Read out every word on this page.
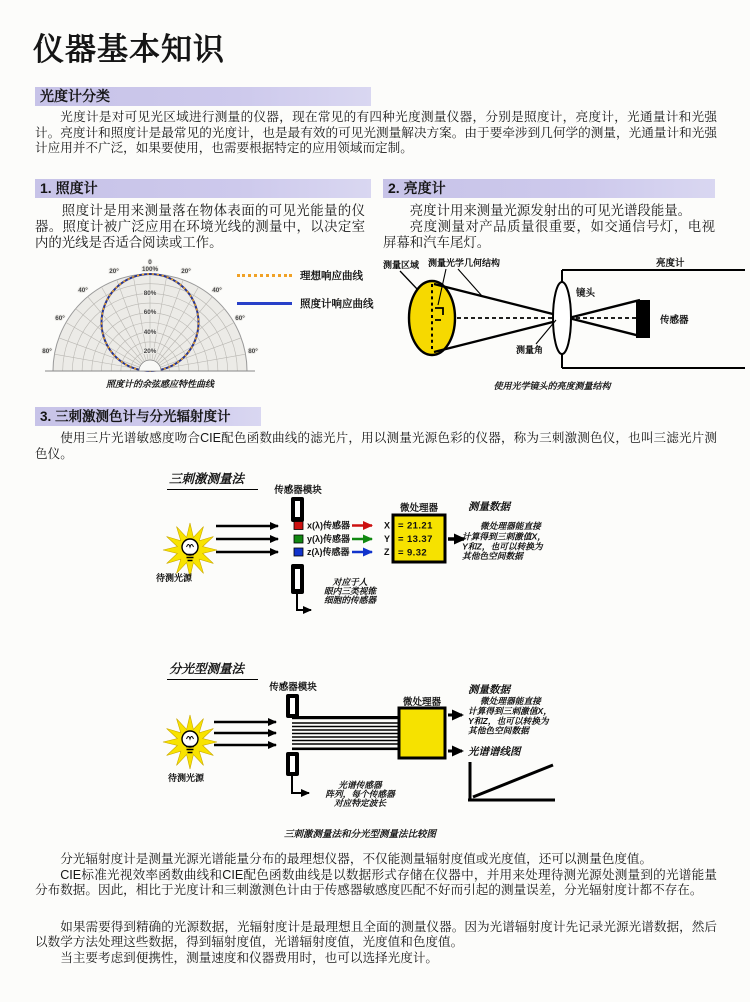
仪器基本知识
光度计分类

光度计是对可见光区域进行测量的仪器，现在常见的有四种光度测量仪器，分别是照度计，亮度计，光通量计和光强计。亮度计和照度计是最常见的光度计，也是最有效的可见光测量解决方案。由于要牵涉到几何学的测量，光通量计和光强计应用并不广泛，如果要使用，也需要根据特定的应用领域而定制。

1. 照度计

照度计是用来测量落在物体表面的可见光能量的仪器。照度计被广泛应用在环境光线的测量中，以决定室内的光线是否适合阅读或工作。

0
100%
20°	20°
40°	40°
60°	60°
80°	80°
80%
60%
40%
20%
理想响应曲线
照度计响应曲线
照度计的余弦感应特性曲线
2. 亮度计

亮度计用来测量光源发射出的可见光谱段能量。

亮度测量对产品质量很重要，如交通信号灯，电视屏幕和汽车尾灯。

测量区域 测量光学几何结构	亮度计
镜头
测量角
传感器
使用光学镜头的亮度测量结构
3. 三刺激测色计与分光辐射度计

使用三片光谱敏感度吻合CIE配色函数曲线的滤光片，用以测量光源色彩的仪器，称为三刺激测色仪，也叫三滤光片测色仪。

三刺激测量法
待测光源
传感器模块
x(λ)传感器
y(λ)传感器
z(λ)传感器
X
Y
Z
微处理器
= 21.21
= 13.37
= 9.32
测量数据
微处理器能直接
计算得到三刺激值X，
Y和Z，也可以转换为
其他色空间数据
对应于人
眼内三类视锥
细胞的传感器
分光型测量法
待测光源
传感器模块
微处理器
测量数据
微处理器能直接
计算得到三刺激值X，
Y和Z，也可以转换为
其他色空间数据
光谱谱线图
光谱传感器
阵列，每个传感器
对应特定波长
三刺激测量法和分光型测量法比较图

分光辐射度计是测量光源光谱能量分布的最理想仪器，不仅能测量辐射度值或光度值，还可以测量色度值。

CIE标准光视效率函数曲线和CIE配色函数曲线是以数据形式存储在仪器中，并用来处理待测光源处测量到的光谱能量分布数据。因此，相比于光度计和三刺激测色计由于传感器敏感度匹配不好而引起的测量误差，分光辐射度计都不存在。

如果需要得到精确的光源数据，光辐射度计是最理想且全面的测量仪器。因为光谱辐射度计先记录光源光谱数据，然后以数学方法处理这些数据，得到辐射度值，光谱辐射度值，光度值和色度值。

当主要考虑到便携性，测量速度和仪器费用时，也可以选择光度计。
